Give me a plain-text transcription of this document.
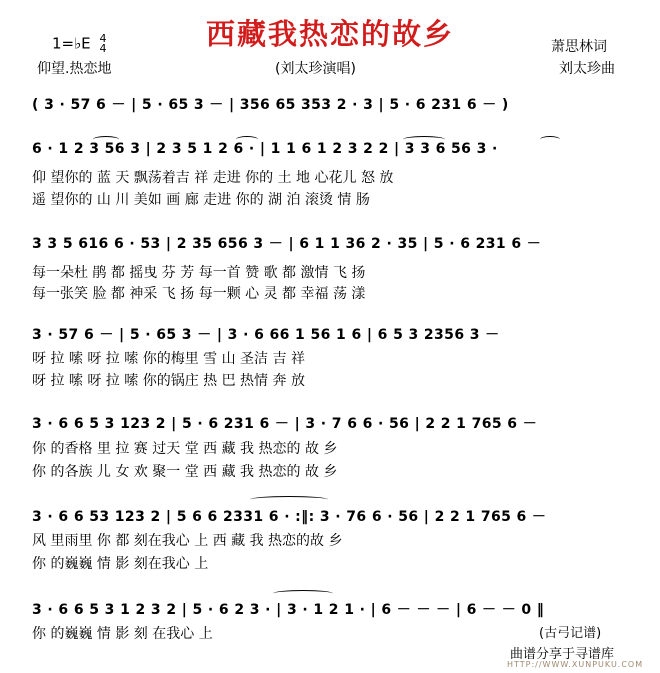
1=♭E 4
4	西藏我热恋的故乡	萧思林词
仰望.热恋地	(刘太珍演唱)	刘太珍曲
( 3 · 57 6 － | 5 · 65 3 － | 356 65 353 2 · 3 | 5 · 6 231 6 － )
6 · 1 2 3 56 3 | 2 3 5 1 2 6 · | 1 1 6 1 2 3 2 2 | 3 3 6 56 3 ·
仰 望你的 蓝 天 飘荡着吉 祥 走进 你的 土 地 心花儿 怒 放
遥 望你的 山 川 美如 画 廊 走进 你的 湖 泊 滚烫 情 肠
3 3 5 616 6 · 53 | 2 35 656 3 － | 6 1 1 36 2 · 35 | 5 · 6 231 6 －
每一朵杜 鹃 都 摇曳 芬 芳 每一首 赞 歌 都 激情 飞 扬
每一张笑 脸 都 神采 飞 扬 每一颗 心 灵 都 幸福 荡 漾
3 · 57 6 － | 5 · 65 3 － | 3 · 6 66 1 56 1 6 | 6 5 3 2356 3 －
呀 拉 嗦 呀 拉 嗦 你的梅里 雪 山 圣洁 吉 祥
呀 拉 嗦 呀 拉 嗦 你的锅庄 热 巴 热情 奔 放
3 · 6 6 5 3 123 2 | 5 · 6 231 6 － | 3 · 7 6 6 · 56 | 2 2 1 765 6 －
你 的香格 里 拉 赛 过天 堂 西 藏 我 热恋的 故 乡
你 的各族 儿 女 欢 聚一 堂 西 藏 我 热恋的 故 乡
3 · 6 6 53 123 2 | 5 6 6 2331 6 · :‖: 3 · 76 6 · 56 | 2 2 1 765 6 －
风 里雨里 你 都 刻在我心 上 西 藏 我 热恋的故 乡
你 的巍巍 情 影 刻在我心 上
3 · 6 6 5 3 1 2 3 2 | 5 · 6 2 3 · | 3 · 1 2 1 · | 6 － － － | 6 － － 0 ‖
你 的巍巍 情 影 刻 在我心 上	(古弓记谱)
曲谱分享于寻谱库
HTTP://WWW.XUNPUKU.COM
